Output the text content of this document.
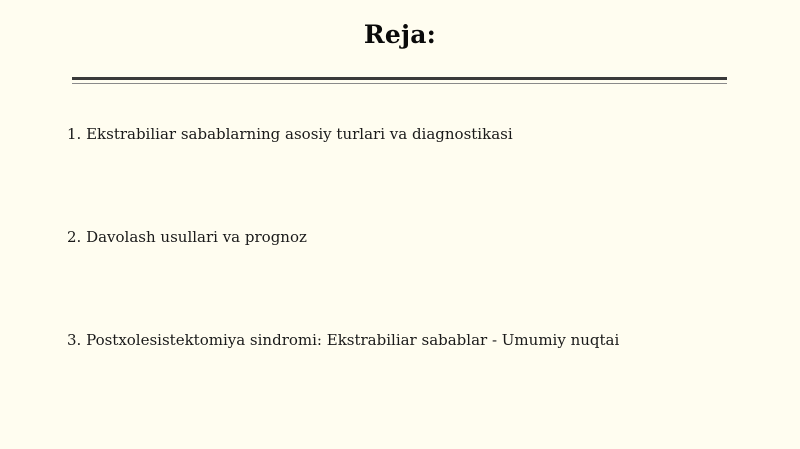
Reja:
1. Ekstrabiliar sabablarning asosiy turlari va diagnostikasi
2. Davolash usullari va prognoz
3. Postxolesistektomiya sindromi: Ekstrabiliar sabablar - Umumiy nuqtai
